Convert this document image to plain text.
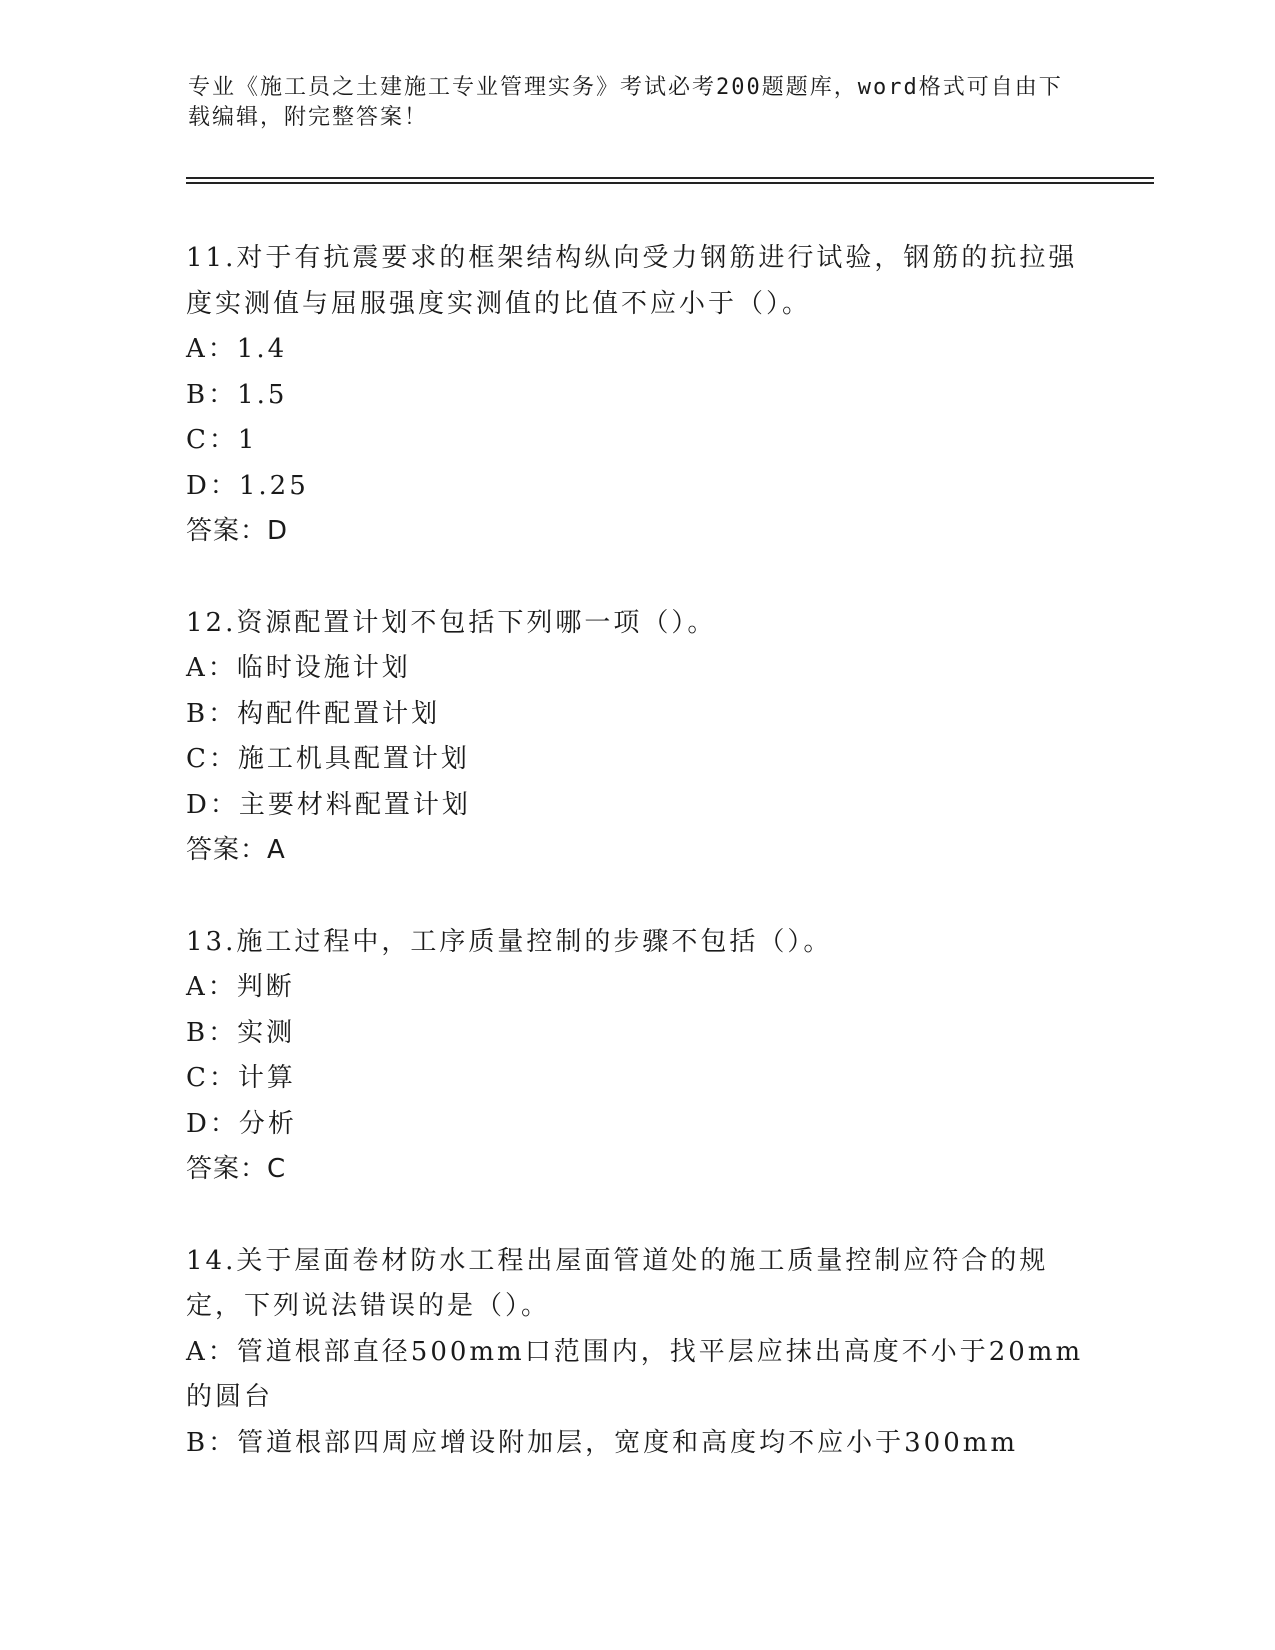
专业《施工员之土建施工专业管理实务》考试必考200题题库，word格式可自由下载编辑，附完整答案！

11.对于有抗震要求的框架结构纵向受力钢筋进行试验，钢筋的抗拉强度实测值与屈服强度实测值的比值不应小于（）。

A：1.4

B：1.5

C：1

D：1.25

答案：D

12.资源配置计划不包括下列哪一项（）。

A：临时设施计划

B：构配件配置计划

C：施工机具配置计划

D：主要材料配置计划

答案：A

13.施工过程中，工序质量控制的步骤不包括（）。

A：判断

B：实测

C：计算

D：分析

答案：C

14.关于屋面卷材防水工程出屋面管道处的施工质量控制应符合的规定，下列说法错误的是（）。

A：管道根部直径500mm口范围内，找平层应抹出高度不小于20mm的圆台

B：管道根部四周应增设附加层，宽度和高度均不应小于300mm
